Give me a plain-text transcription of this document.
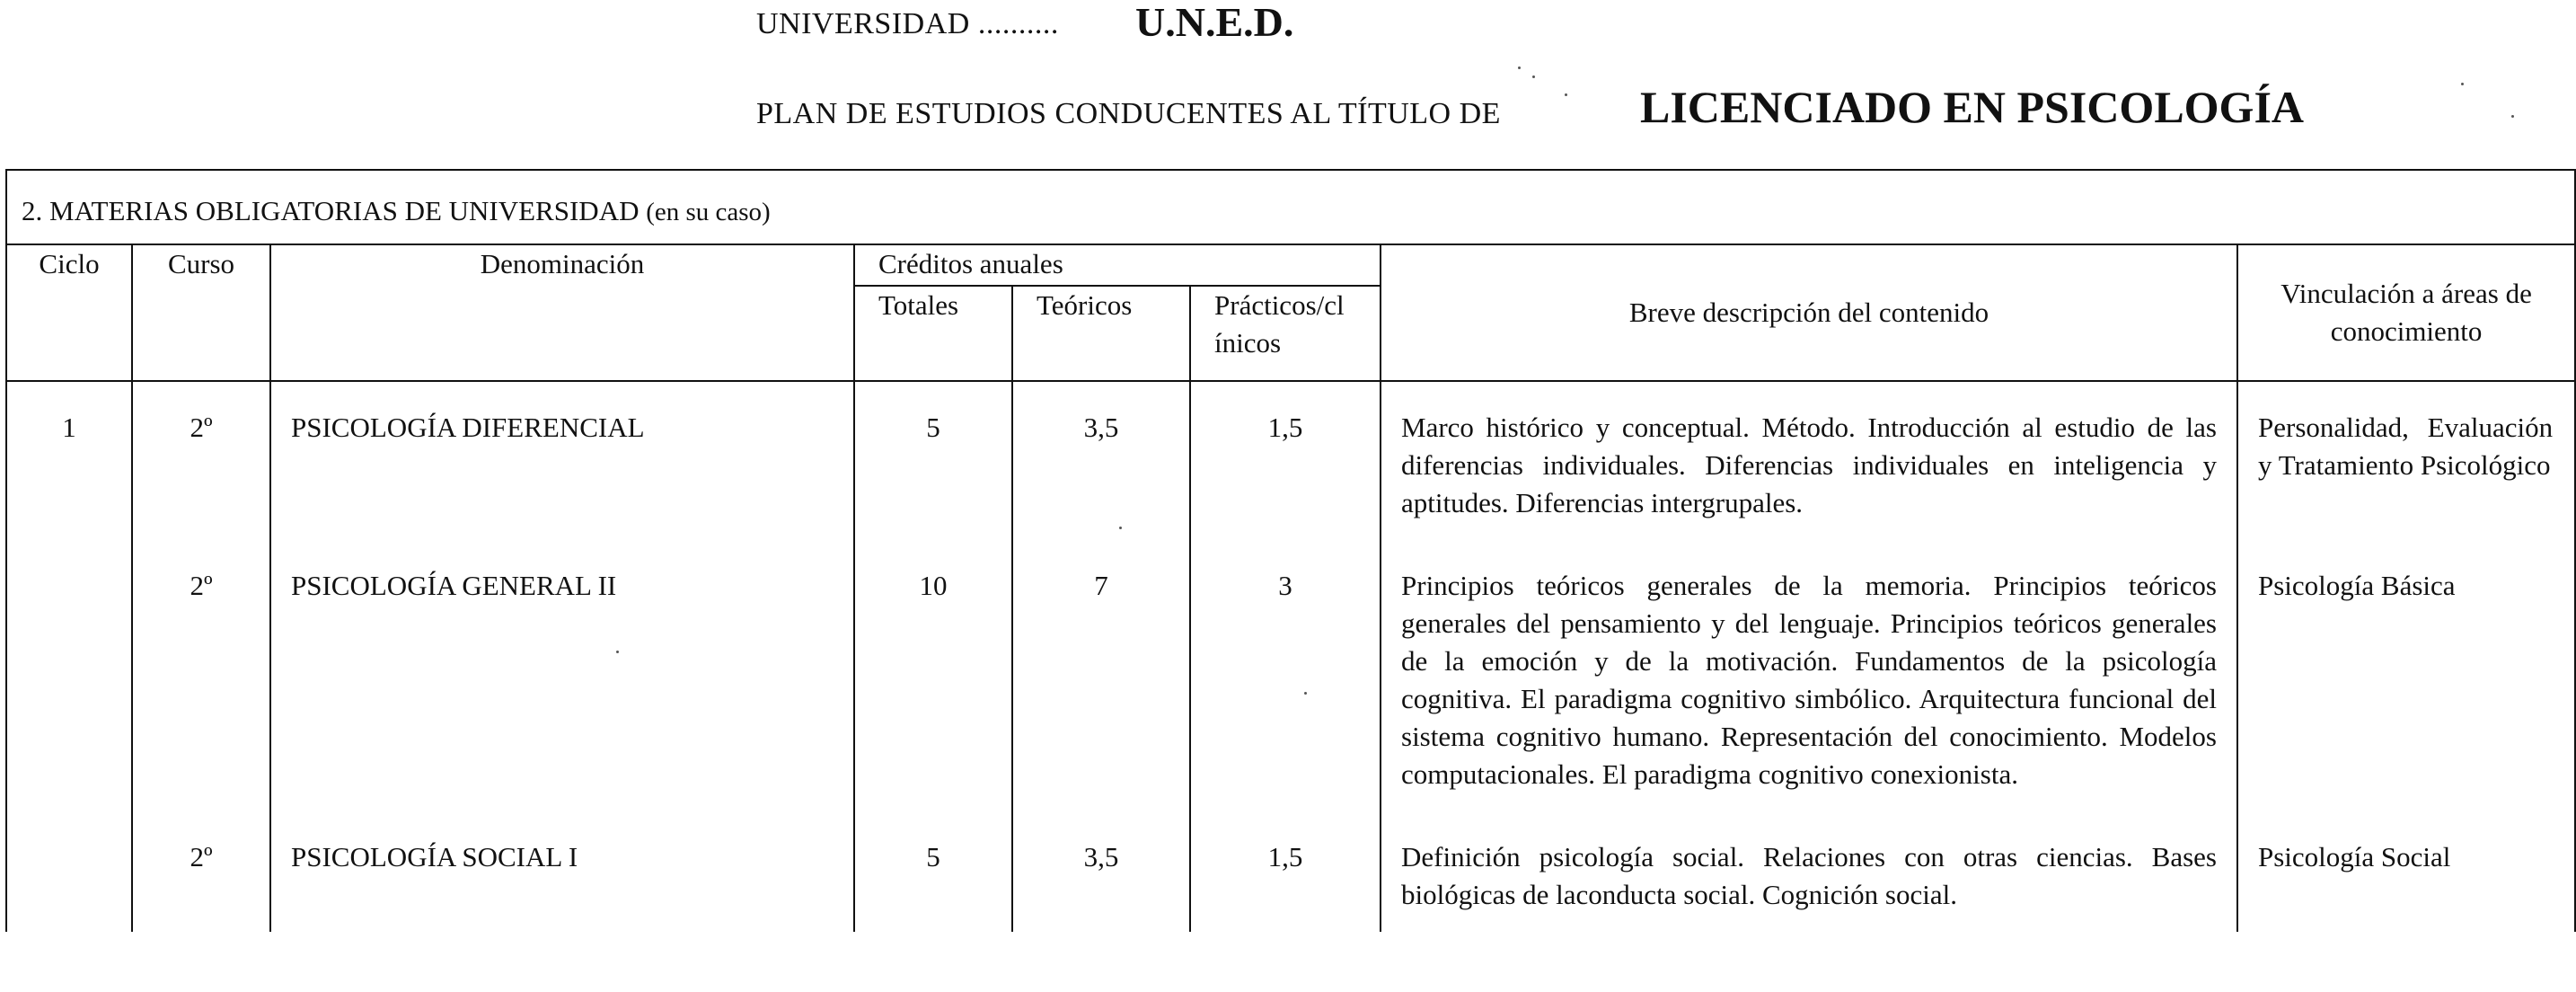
UNIVERSIDAD .......... U.N.E.D.
PLAN DE ESTUDIOS CONDUCENTES AL TÍTULO DE	LICENCIADO EN PSICOLOGÍA
2. MATERIAS OBLIGATORIAS DE UNIVERSIDAD (en su caso)							
Ciclo	Curso	Denominación	Créditos anuales			Breve descripción del contenido	Vinculación a áreas de conocimiento
			Totales	Teóricos	Prácticos/cl ínicos		
1	2º	PSICOLOGÍA DIFERENCIAL	5	3,5	1,5	Marco histórico y conceptual. Método. Introducción al estudio de las diferencias individuales. Diferencias individuales en inteligencia y aptitudes. Diferencias intergrupales.	Personalidad, Evaluación y Tratamiento Psicológico
	2º	PSICOLOGÍA GENERAL II	10	7	3	Principios teóricos generales de la memoria. Principios teóricos generales del pensamiento y del lenguaje. Principios teóricos generales de la emoción y de la motivación. Fundamentos de la psicología cognitiva. El paradigma cognitivo simbólico. Arquitectura funcional del sistema cognitivo humano. Representación del conocimiento. Modelos computacionales. El paradigma cognitivo conexionista.	Psicología Básica
	2º	PSICOLOGÍA SOCIAL I	5	3,5	1,5	Definición psicología social. Relaciones con otras ciencias. Bases biológicas de laconducta social. Cognición social.	Psicología Social
